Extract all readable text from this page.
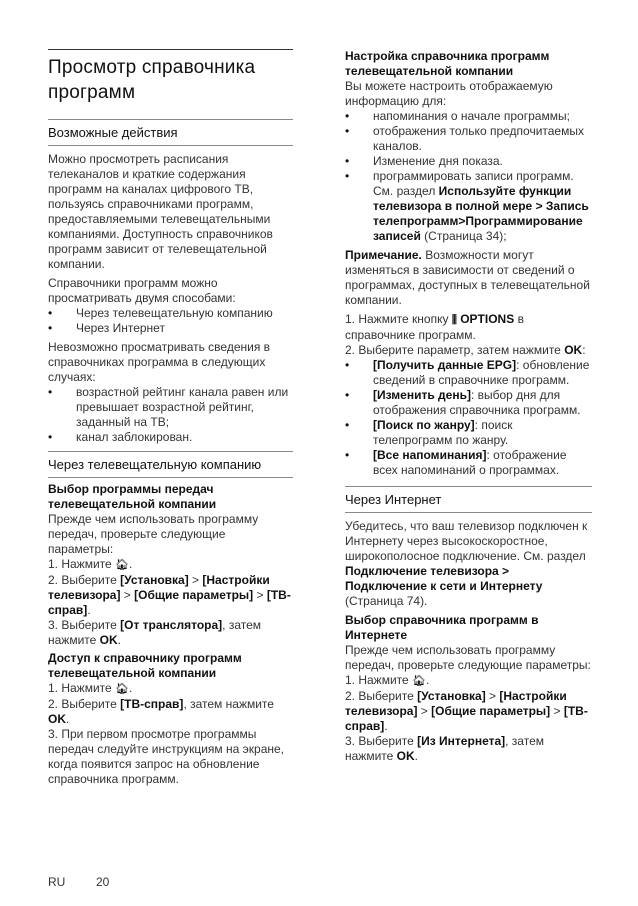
Просмотр справочника программ

Возможные действия

Можно просмотреть расписания телеканалов и краткие содержания программ на каналах цифрового ТВ, пользуясь справочниками программ, предоставляемыми телевещательными компаниями. Доступность справочников программ зависит от телевещательной компании.

Справочники программ можно просматривать двумя способами:

• Через телевещательную компанию
• Через Интернет

Невозможно просматривать сведения в справочниках программа в следующих случаях:

• возрастной рейтинг канала равен или превышает возрастной рейтинг, заданный на ТВ;
• канал заблокирован.

Через телевещательную компанию

Выбор программы передач телевещательной компании

Прежде чем использовать программу передач, проверьте следующие параметры:

1. Нажмите 🏠︎.

2. Выберите [Установка] > [Настройки телевизора] > [Общие параметры] > [ТВ-справ].

3. Выберите [От транслятора], затем нажмите OK.

Доступ к справочнику программ телевещательной компании

1. Нажмите 🏠︎.

2. Выберите [ТВ-справ], затем нажмите OK.

3. При первом просмотре программы передач следуйте инструкциям на экране, когда появится запрос на обновление справочника программ.

Настройка справочника программ телевещательной компании

Вы можете настроить отображаемую информацию для:

• напоминания о начале программы;
• отображения только предпочитаемых каналов.
• Изменение дня показа.
• программировать записи программ. См. раздел Используйте функции телевизора в полной мере > Запись телепрограмм>Программирование записей (Страница 34);

Примечание. Возможности могут изменяться в зависимости от сведений о программах, доступных в телевещательной компании.

1. Нажмите кнопку ⫼ OPTIONS в справочнике программ.

2. Выберите параметр, затем нажмите OK:

• [Получить данные EPG]: обновление сведений в справочнике программ.
• [Изменить день]: выбор дня для отображения справочника программ.
• [Поиск по жанру]: поиск телепрограмм по жанру.
• [Все напоминания]: отображение всех напоминаний о программах.

Через Интернет

Убедитесь, что ваш телевизор подключен к Интернету через высокоскоростное, широкополосное подключение. См. раздел Подключение телевизора > Подключение к сети и Интернету (Страница 74).

Выбор справочника программ в Интернете

Прежде чем использовать программу передач, проверьте следующие параметры:

1. Нажмите 🏠︎.

2. Выберите [Установка] > [Настройки телевизора] > [Общие параметры] > [ТВ-справ].

3. Выберите [Из Интернета], затем нажмите OK.

RU	20
